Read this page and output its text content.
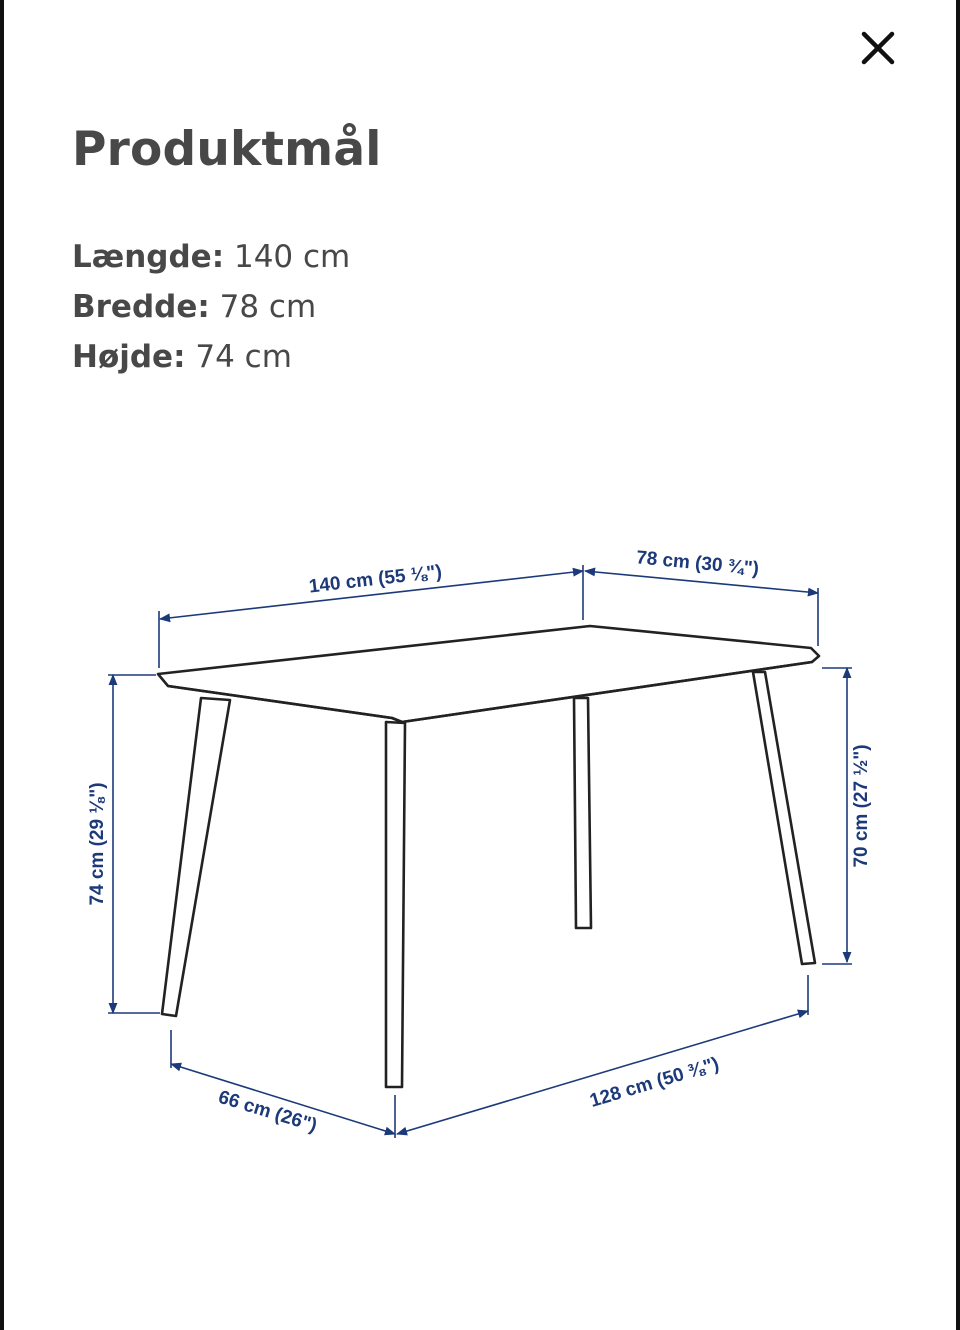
Produktmål
Længde: 140 cm
Bredde: 78 cm
Højde: 74 cm
140 cm (55 ⅛")	78 cm (30 ¾")
74 cm (29 ⅛")	70 cm (27 ½")
66 cm (26")	128 cm (50 ⅜")
